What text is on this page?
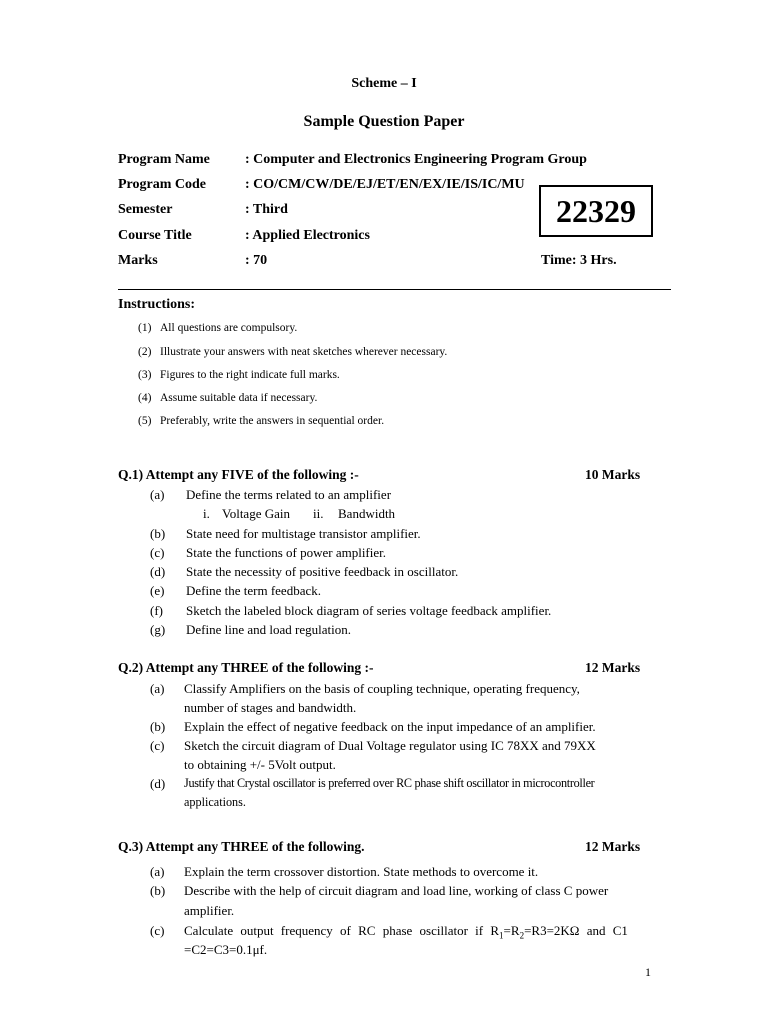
Scheme – I
Sample Question Paper
Program Name	: Computer and Electronics Engineering Program Group
Program Code	: CO/CM/CW/DE/EJ/ET/EN/EX/IE/IS/IC/MU
Semester	: Third
Course Title	: Applied Electronics
Marks	: 70	Time: 3 Hrs.
22329
Instructions:
(1) All questions are compulsory.
(2) Illustrate your answers with neat sketches wherever necessary.
(3) Figures to the right indicate full marks.
(4) Assume suitable data if necessary.
(5) Preferably, write the answers in sequential order.
Q.1) Attempt any FIVE of the following :-	10 Marks
(a) Define the terms related to an amplifier
i. Voltage Gain ii. Bandwidth
(b) State need for multistage transistor amplifier.
(c) State the functions of power amplifier.
(d) State the necessity of positive feedback in oscillator.
(e) Define the term feedback.
(f) Sketch the labeled block diagram of series voltage feedback amplifier.
(g) Define line and load regulation.
Q.2) Attempt any THREE of the following :-	12 Marks
(a) Classify Amplifiers on the basis of coupling technique, operating frequency,
number of stages and bandwidth.
(b) Explain the effect of negative feedback on the input impedance of an amplifier.
(c) Sketch the circuit diagram of Dual Voltage regulator using IC 78XX and 79XX
to obtaining +/- 5Volt output.
(d) Justify that Crystal oscillator is preferred over RC phase shift oscillator in microcontroller
applications.
Q.3) Attempt any THREE of the following.	12 Marks
(a) Explain the term crossover distortion. State methods to overcome it.
(b) Describe with the help of circuit diagram and load line, working of class C power
amplifier.
(c) Calculate output frequency of RC phase oscillator if $R_1=R_2=R3=2K\Omega$ and C1
=C2=C3=0.1μf.
1
